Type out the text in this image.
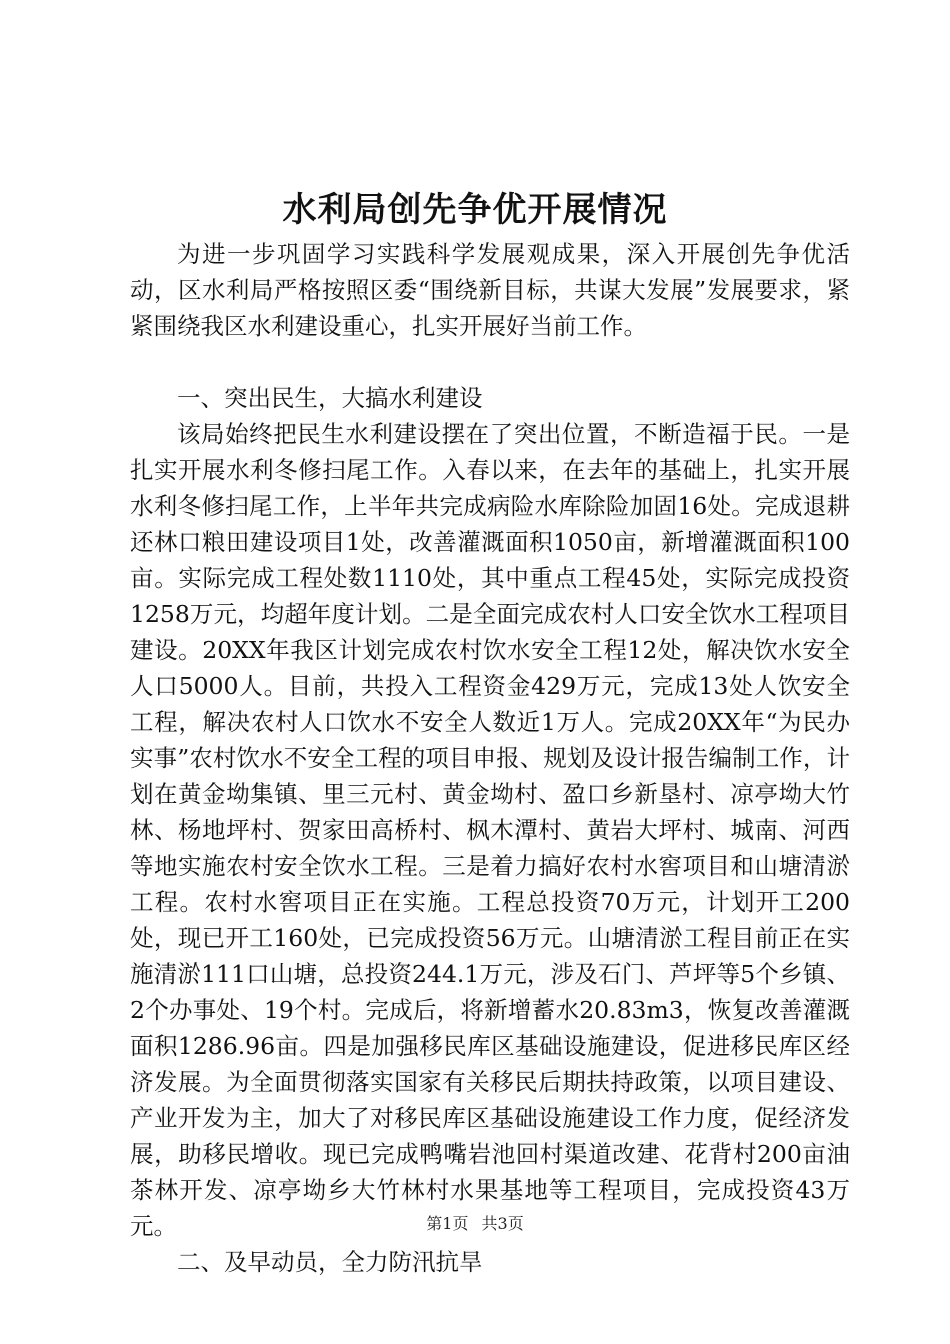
水利局创先争优开展情况

为进一步巩固学习实践科学发展观成果，深入开展创先争优活动，区水利局严格按照区委“围绕新目标，共谋大发展”发展要求，紧紧围绕我区水利建设重心，扎实开展好当前工作。

一、突出民生，大搞水利建设

该局始终把民生水利建设摆在了突出位置，不断造福于民。一是扎实开展水利冬修扫尾工作。入春以来，在去年的基础上，扎实开展水利冬修扫尾工作，上半年共完成病险水库除险加固16处。完成退耕还林口粮田建设项目1处，改善灌溉面积1050亩，新增灌溉面积100亩。实际完成工程处数1110处，其中重点工程45处，实际完成投资1258万元，均超年度计划。二是全面完成农村人口安全饮水工程项目建设。20XX年我区计划完成农村饮水安全工程12处，解决饮水安全人口5000人。目前，共投入工程资金429万元，完成13处人饮安全工程，解决农村人口饮水不安全人数近1万人。完成20XX年“为民办实事”农村饮水不安全工程的项目申报、规划及设计报告编制工作，计划在黄金坳集镇、里三元村、黄金坳村、盈口乡新垦村、凉亭坳大竹林、杨地坪村、贺家田高桥村、枫木潭村、黄岩大坪村、城南、河西等地实施农村安全饮水工程。三是着力搞好农村水窖项目和山塘清淤工程。农村水窖项目正在实施。工程总投资70万元，计划开工200处，现已开工160处，已完成投资56万元。山塘清淤工程目前正在实施清淤111口山塘，总投资244.1万元，涉及石门、芦坪等5个乡镇、2个办事处、19个村。完成后，将新增蓄水20.83m3，恢复改善灌溉面积1286.96亩。四是加强移民库区基础设施建设，促进移民库区经济发展。为全面贯彻落实国家有关移民后期扶持政策，以项目建设、产业开发为主，加大了对移民库区基础设施建设工作力度，促经济发展，助移民增收。现已完成鸭嘴岩池回村渠道改建、花背村200亩油茶林开发、凉亭坳乡大竹林村水果基地等工程项目，完成投资43万元。

二、及早动员，全力防汛抗旱

第1页 共3页
